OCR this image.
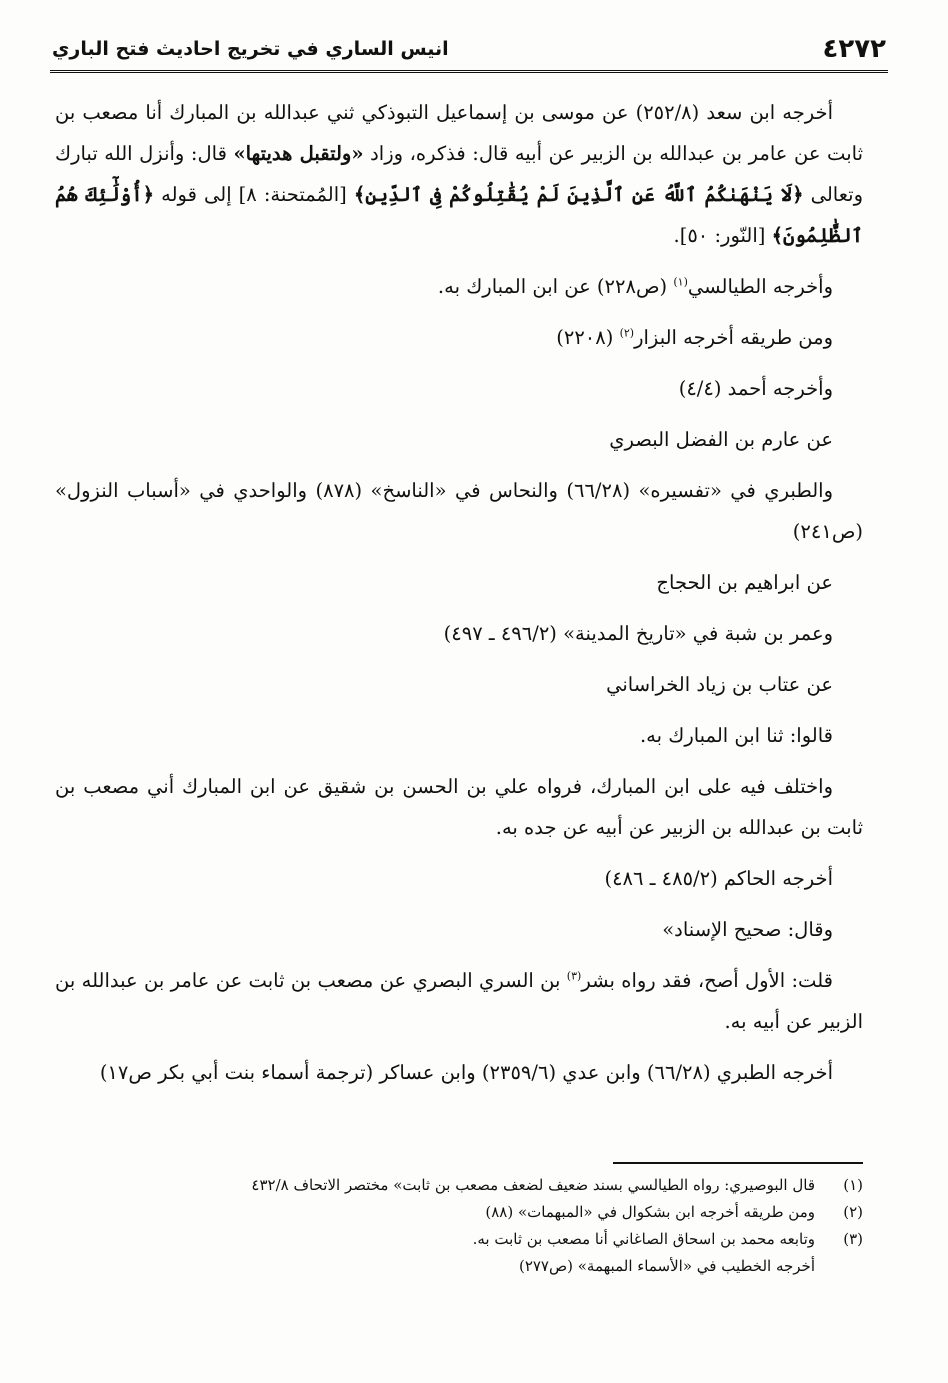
٤٢٧٢
انيس الساري في تخريج احاديث فتح الباري

أخرجه ابن سعد (٢٥٢/٨) عن موسى بن إسماعيل التبوذكي ثني عبدالله بن المبارك أنا مصعب بن ثابت عن عامر بن عبدالله بن الزبير عن أبيه قال: فذكره، وزاد «ولتقبل هديتها» قال: وأنزل الله تبارك وتعالى ﴿لَا يَنْهَىٰكُمُ ٱللَّهُ عَنِ ٱلَّذِينَ لَمْ يُقَٰتِلُوكُمْ فِى ٱلدِّينِ﴾ [المُمتحنة: ٨] إلى قوله ﴿أُوْلَٰٓئِكَ هُمُ ٱلظَّٰلِمُونَ﴾ [النّور: ٥٠].

وأخرجه الطيالسي$^{(١)}$ (ص٢٢٨) عن ابن المبارك به.

ومن طريقه أخرجه البزار$^{(٢)}$ (٢٢٠٨)

وأخرجه أحمد (٤/٤)

عن عارم بن الفضل البصري

والطبري في «تفسيره» (٦٦/٢٨) والنحاس في «الناسخ» (٨٧٨) والواحدي في «أسباب النزول» (ص٢٤١)

عن ابراهيم بن الحجاج

وعمر بن شبة في «تاريخ المدينة» (٤٩٦/٢ ـ ٤٩٧)

عن عتاب بن زياد الخراساني

قالوا: ثنا ابن المبارك به.

واختلف فيه على ابن المبارك، فرواه علي بن الحسن بن شقيق عن ابن المبارك أني مصعب بن ثابت بن عبدالله بن الزبير عن أبيه عن جده به.

أخرجه الحاكم (٤٨٥/٢ ـ ٤٨٦)

وقال: صحيح الإسناد»

قلت: الأول أصح، فقد رواه بشر$^{(٣)}$ بن السري البصري عن مصعب بن ثابت عن عامر بن عبدالله بن الزبير عن أبيه به.

أخرجه الطبري (٦٦/٢٨) وابن عدي (٢٣٥٩/٦) وابن عساكر (ترجمة أسماء بنت أبي بكر ص١٧)

(١)
قال البوصيري: رواه الطيالسي بسند ضعيف لضعف مصعب بن ثابت» مختصر الاتحاف ٤٣٢/٨
(٢)
ومن طريقه أخرجه ابن بشكوال في «المبهمات» (٨٨)
(٣)
وتابعه محمد بن اسحاق الصاغاني أنا مصعب بن ثابت به.
أخرجه الخطيب في «الأسماء المبهمة» (ص٢٧٧)
